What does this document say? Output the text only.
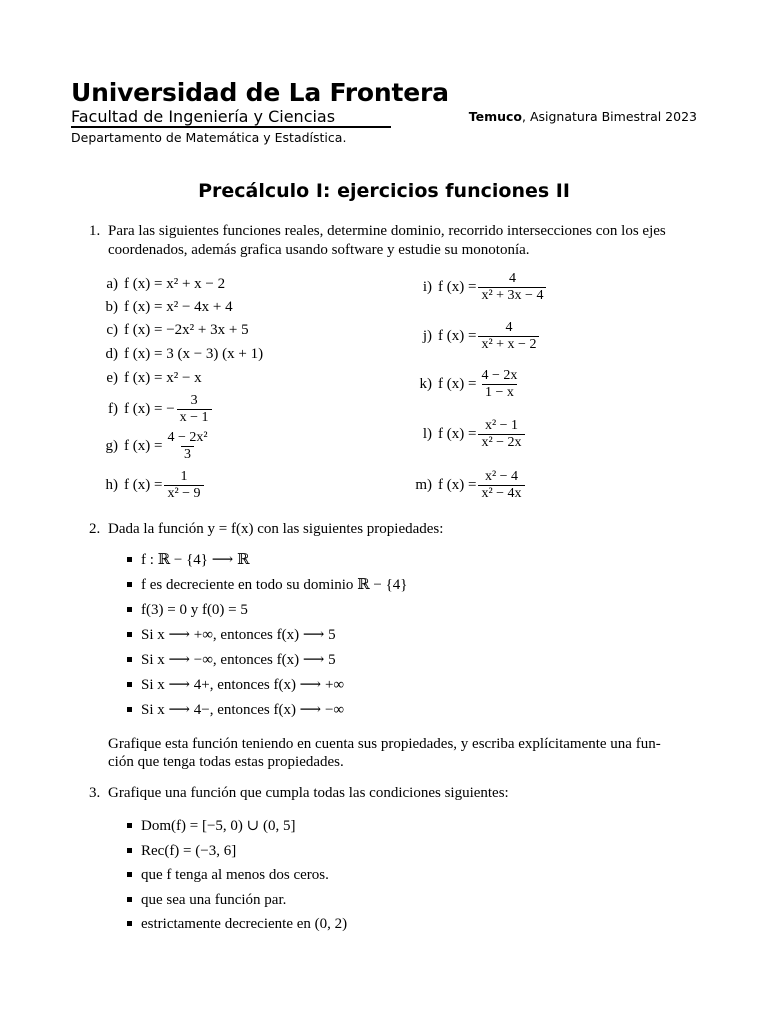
Universidad de La Frontera
Facultad de Ingeniería y Ciencias
Departamento de Matemática y Estadística.
Temuco, Asignatura Bimestral 2023
Precálculo I: ejercicios funciones II
1. Para las siguientes funciones reales, determine dominio, recorrido intersecciones con los ejes
coordenados, además grafica usando software y estudie su monotonía.
a) f (x) = x² + x − 2
b) f (x) = x² − 4x + 4
c) f (x) = −2x² + 3x + 5
d) f (x) = 3 (x − 3) (x + 1)
e) f (x) = x² − x
f) f (x) = − $\frac{3}{x - 1}$
g) f $(x) = \frac{\text{4 − 2x²}}{3}$
h) f $(x) = \frac{1}{\text{x² − 9}}$
i) f $(x) = \frac{4}{\text{x² + 3x − 4}}$
j) f $(x) = \frac{4}{\text{x² + x − 2}}$
k) f $(x) = \frac{4 - 2x}{1 - x}$
l) f $(x) = \frac{\text{x² − 1}}{\text{x² − 2x}}$
m) f $(x) = \frac{\text{x² − 4}}{\text{x² − 4x}}$
2. Dada la función y = f(x) con las siguientes propiedades:
f : ℝ − {4} ⟶ ℝ
f es decreciente en todo su dominio ℝ − {4}
f(3) = 0 y f(0) = 5
Si x ⟶ +∞, entonces f(x) ⟶ 5
Si x ⟶ −∞, entonces f(x) ⟶ 5
Si x ⟶ 4+, entonces f(x) ⟶ +∞
Si x ⟶ 4−, entonces f(x) ⟶ −∞
Grafique esta función teniendo en cuenta sus propiedades, y escriba explícitamente una fun-
ción que tenga todas estas propiedades.
3. Grafique una función que cumpla todas las condiciones siguientes:
Dom(f) = [−5, 0) ∪ (0, 5]
Rec(f) = (−3, 6]
que f tenga al menos dos ceros.
que sea una función par.
estrictamente decreciente en (0, 2)
